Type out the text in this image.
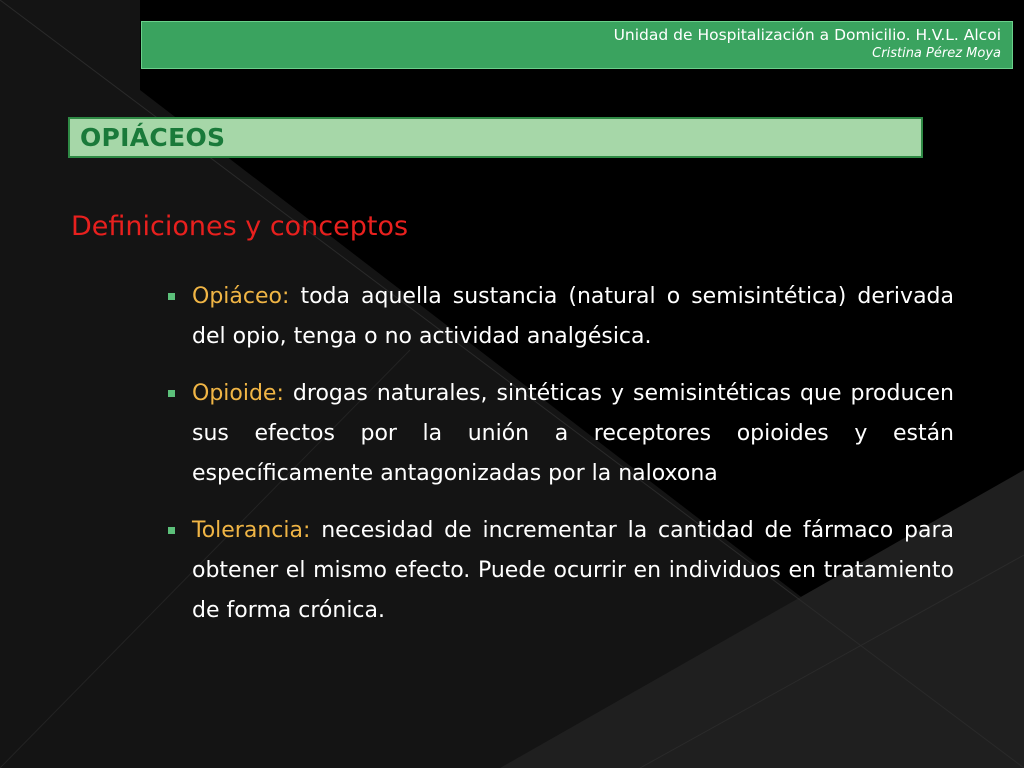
Unidad de Hospitalización a Domicilio. H.V.L. Alcoi
Cristina Pérez Moya
OPIÁCEOS
Definiciones y conceptos
Opiáceo: toda aquella sustancia (natural o semisintética) derivada del opio, tenga o no actividad analgésica.
Opioide: drogas naturales, sintéticas y semisintéticas que producen sus efectos por la unión a receptores opioides y están específicamente antagonizadas por la naloxona
Tolerancia: necesidad de incrementar la cantidad de fármaco para obtener el mismo efecto. Puede ocurrir en individuos en tratamiento de forma crónica.
